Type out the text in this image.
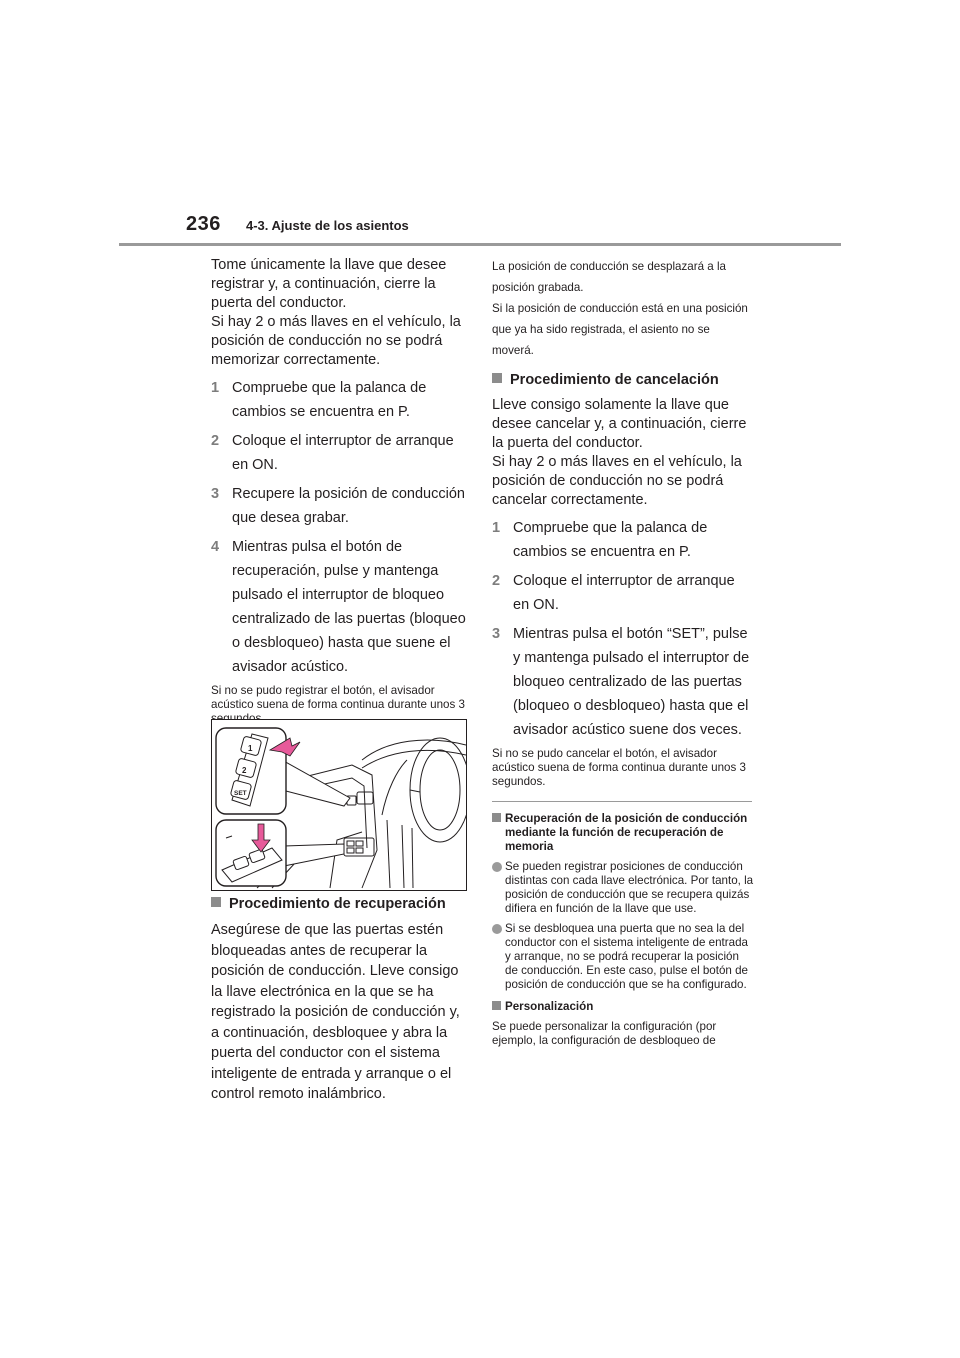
236 4-3. Ajuste de los asientos

Tome únicamente la llave que desee registrar y, a continuación, cierre la puerta del conductor.

Si hay 2 o más llaves en el vehículo, la posición de conducción no se podrá memorizar correctamente.

1 Compruebe que la palanca de cambios se encuentra en P.
2 Coloque el interruptor de arranque en ON.
3 Recupere la posición de conducción que desea grabar.
4 Mientras pulsa el botón de recuperación, pulse y mantenga pulsado el interruptor de bloqueo centralizado de las puertas (bloqueo o desbloqueo) hasta que suene el avisador acústico.

Si no se pudo registrar el botón, el avisador acústico suena de forma continua durante unos 3

1
2
SET
Procedimiento de recuperación

Asegúrese de que las puertas estén bloqueadas antes de recuperar la posición de conducción. Lleve consigo la llave electrónica en la que se ha registrado la posición de conducción y, a continuación, desbloquee y abra la puerta del conductor con el sistema inteligente de entrada y arranque o el control remoto inalámbrico.

La posición de conducción se desplazará a la posición grabada.

Si la posición de conducción está en una posición que ya ha sido registrada, el asiento no se moverá.

Procedimiento de cancelación

Lleve consigo solamente la llave que desee cancelar y, a continuación, cierre la puerta del conductor.

Si hay 2 o más llaves en el vehículo, la posición de conducción no se podrá cancelar correctamente.

1 Compruebe que la palanca de cambios se encuentra en P.
2 Coloque el interruptor de arranque en ON.
3 Mientras pulsa el botón “SET”, pulse y mantenga pulsado el interruptor de bloqueo centralizado de las puertas (bloqueo o desbloqueo) hasta que el avisador acústico suene dos veces.

Si no se pudo cancelar el botón, el avisador acústico suena de forma continua durante unos 3 segundos.

Recuperación de la posición de conducción mediante la función de recuperación de memoria
Se pueden registrar posiciones de conducción distintas con cada llave electrónica. Por tanto, la posición de conducción que se recupera quizás difiera en función de la llave que use.
Si se desbloquea una puerta que no sea la del conductor con el sistema inteligente de entrada y arranque, no se podrá recuperar la posición de conducción. En este caso, pulse el botón de posición de conducción que se ha configurado.
Personalización

Se puede personalizar la configuración (por ejemplo, la configuración de desbloqueo de
